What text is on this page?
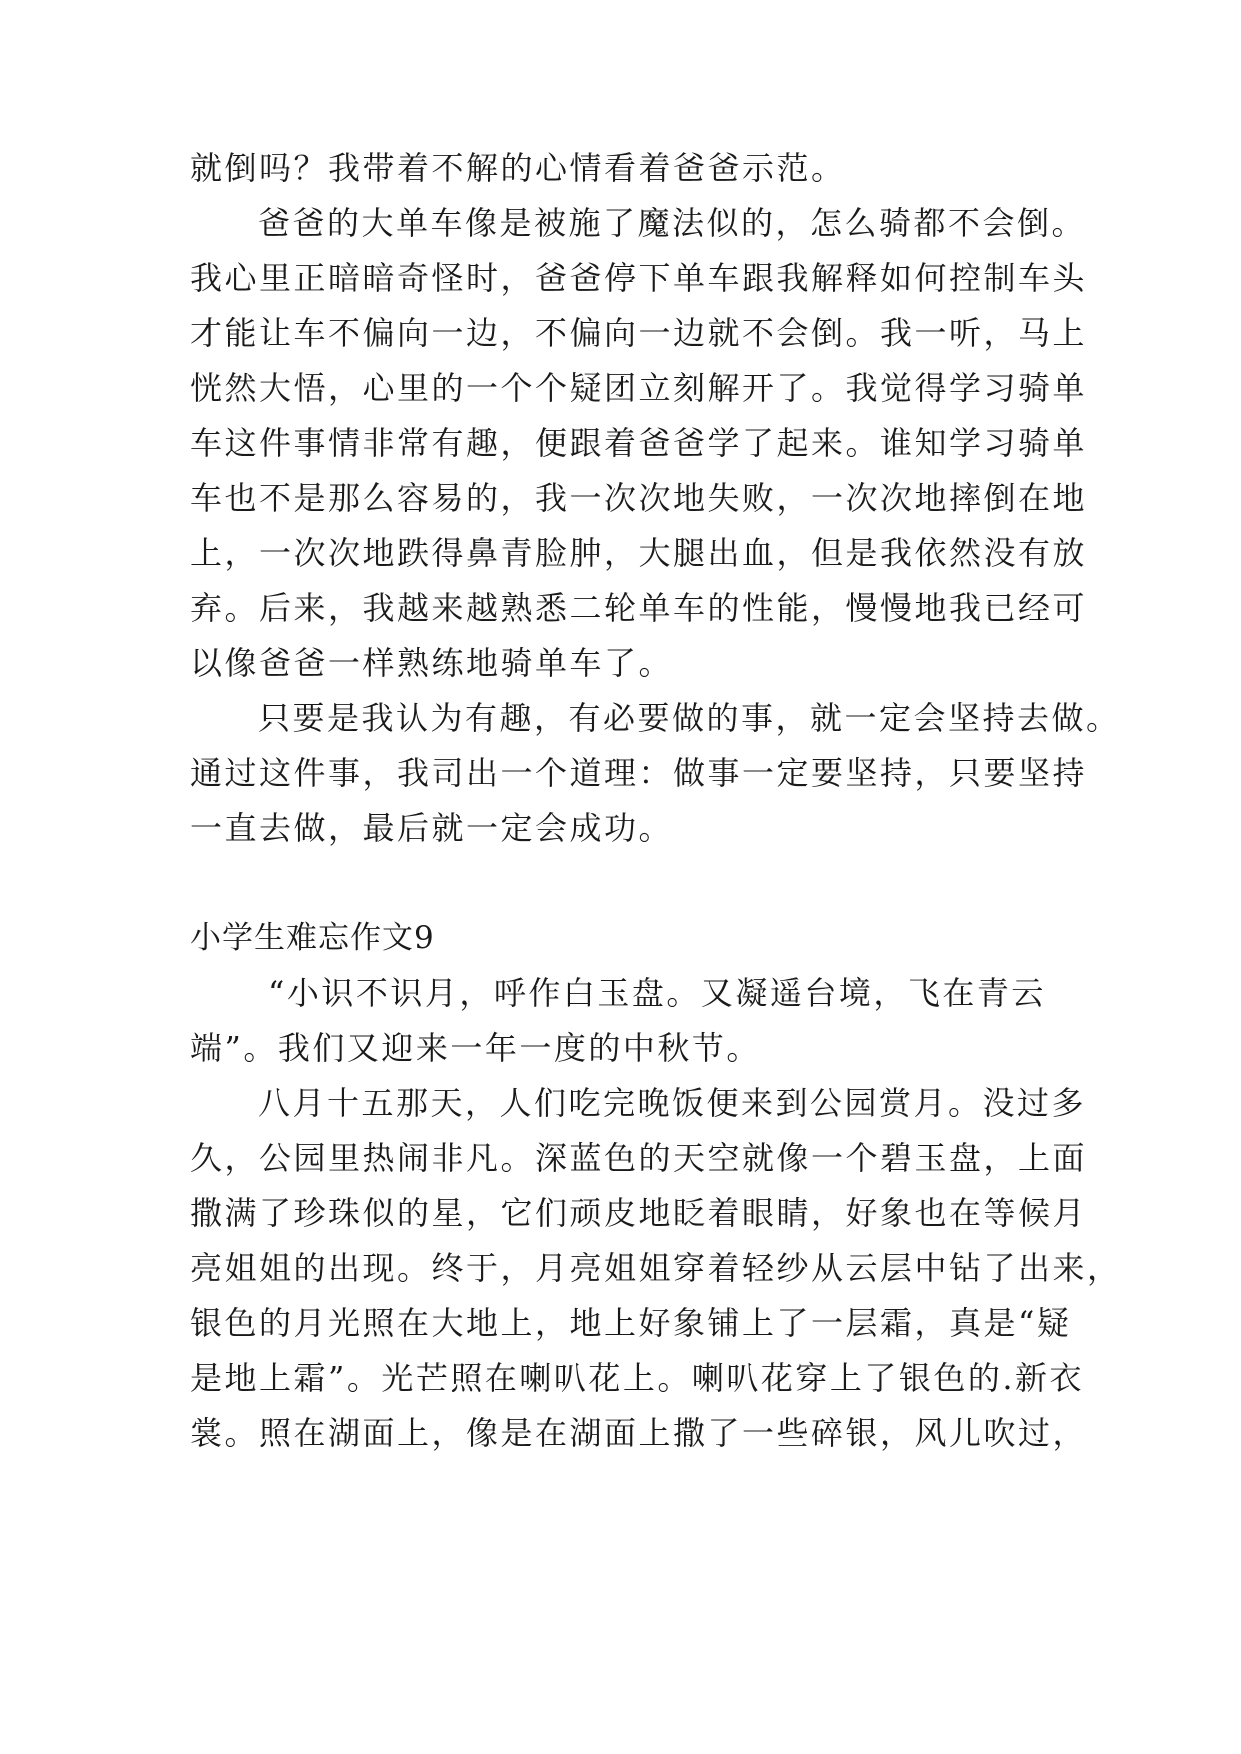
就倒吗？我带着不解的心情看着爸爸示范。
爸爸的大单车像是被施了魔法似的，怎么骑都不会倒。
我心里正暗暗奇怪时，爸爸停下单车跟我解释如何控制车头
才能让车不偏向一边，不偏向一边就不会倒。我一听，马上
恍然大悟，心里的一个个疑团立刻解开了。我觉得学习骑单
车这件事情非常有趣，便跟着爸爸学了起来。谁知学习骑单
车也不是那么容易的，我一次次地失败，一次次地摔倒在地
上，一次次地跌得鼻青脸肿，大腿出血，但是我依然没有放
弃。后来，我越来越熟悉二轮单车的性能，慢慢地我已经可
以像爸爸一样熟练地骑单车了。
只要是我认为有趣，有必要做的事，就一定会坚持去做。
通过这件事，我司出一个道理：做事一定要坚持，只要坚持
一直去做，最后就一定会成功。
小学生难忘作文9
“小识不识月，呼作白玉盘。又凝遥台境，飞在青云
端”。我们又迎来一年一度的中秋节。
八月十五那天，人们吃完晚饭便来到公园赏月。没过多
久，公园里热闹非凡。深蓝色的天空就像一个碧玉盘，上面
撒满了珍珠似的星，它们顽皮地眨着眼睛，好象也在等候月
亮姐姐的出现。终于，月亮姐姐穿着轻纱从云层中钻了出来，
银色的月光照在大地上，地上好象铺上了一层霜，真是“疑
是地上霜”。光芒照在喇叭花上。喇叭花穿上了银色的.新衣
裳。照在湖面上，像是在湖面上撒了一些碎银，风儿吹过，
